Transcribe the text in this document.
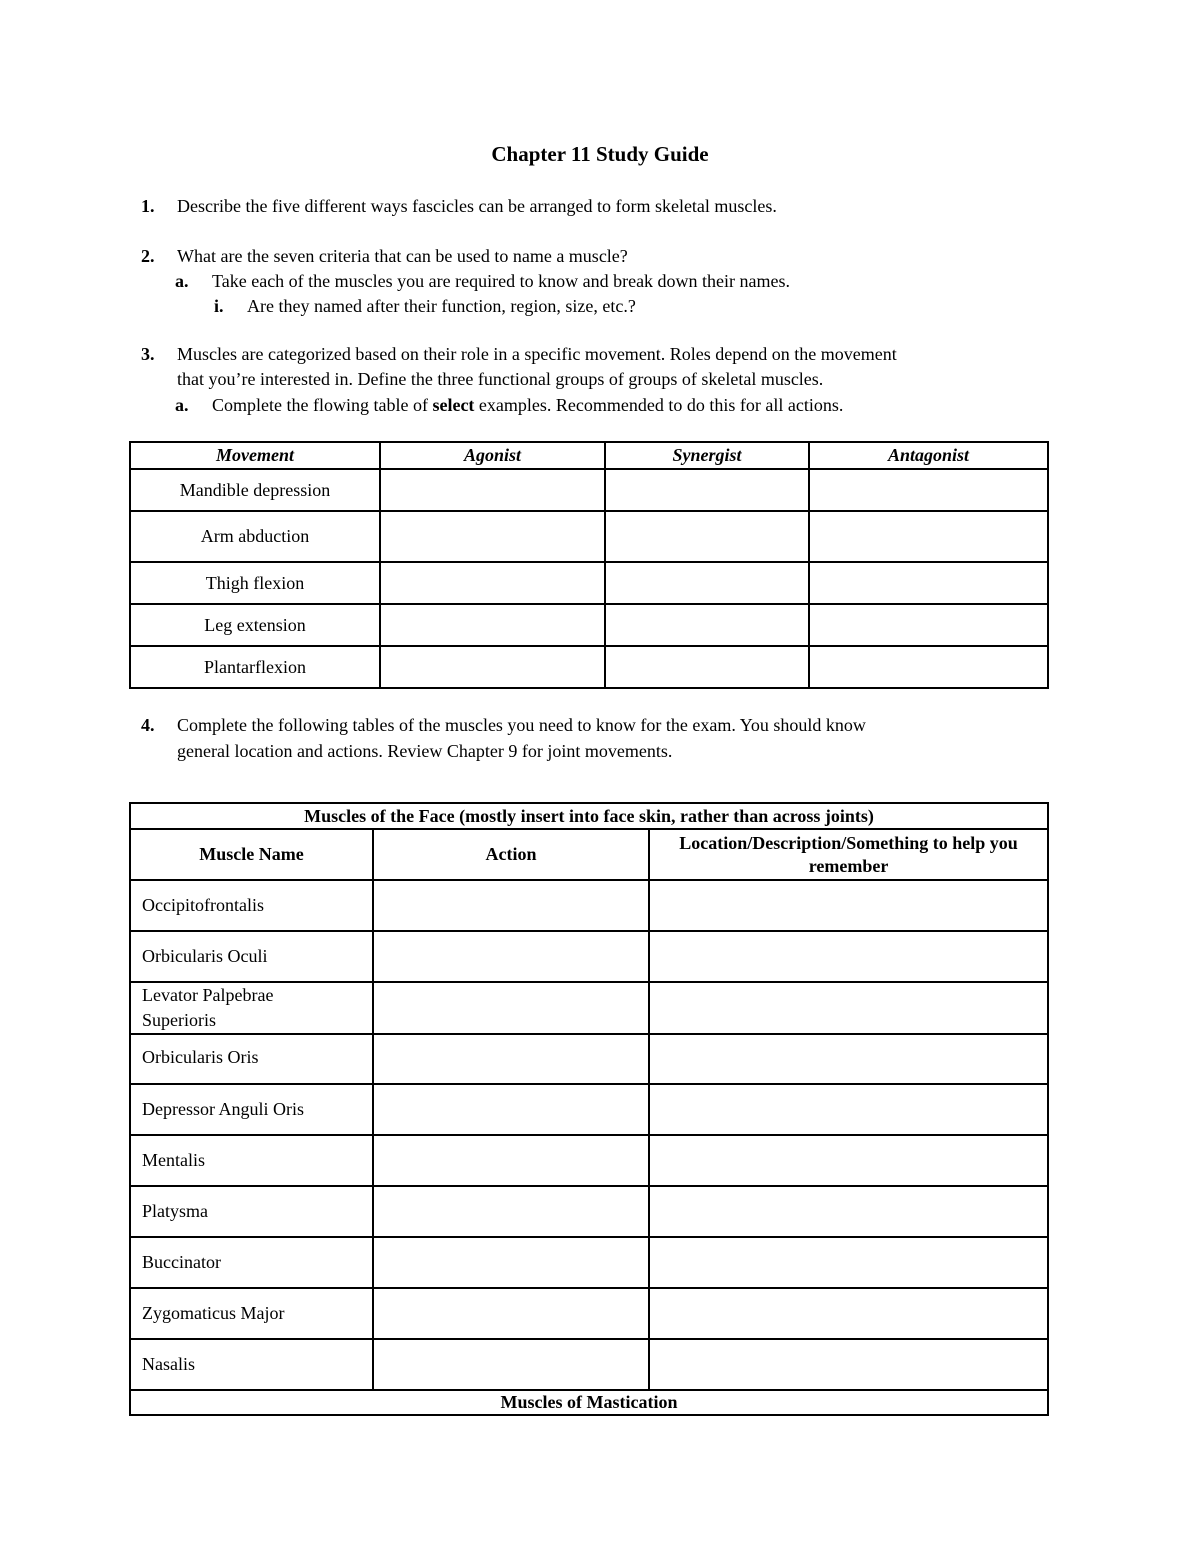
Chapter 11 Study Guide
1. Describe the five different ways fascicles can be arranged to form skeletal muscles.
2. What are the seven criteria that can be used to name a muscle?
a. Take each of the muscles you are required to know and break down their names.
i. Are they named after their function, region, size, etc.?
3. Muscles are categorized based on their role in a specific movement. Roles depend on the movement
that you’re interested in. Define the three functional groups of groups of skeletal muscles.
a. Complete the flowing table of select examples. Recommended to do this for all actions.
Movement	Agonist	Synergist	Antagonist
Mandible depression			
Arm abduction			
Thigh flexion			
Leg extension			
Plantarflexion			
4. Complete the following tables of the muscles you need to know for the exam. You should know
general location and actions. Review Chapter 9 for joint movements.
Muscles of the Face (mostly insert into face skin, rather than across joints)		
Muscle Name	Action	Location/Description/Something to help you remember
Occipitofrontalis		
Orbicularis Oculi		
Levator Palpebrae Superioris		
Orbicularis Oris		
Depressor Anguli Oris		
Mentalis		
Platysma		
Buccinator		
Zygomaticus Major		
Nasalis		
Muscles of Mastication		
